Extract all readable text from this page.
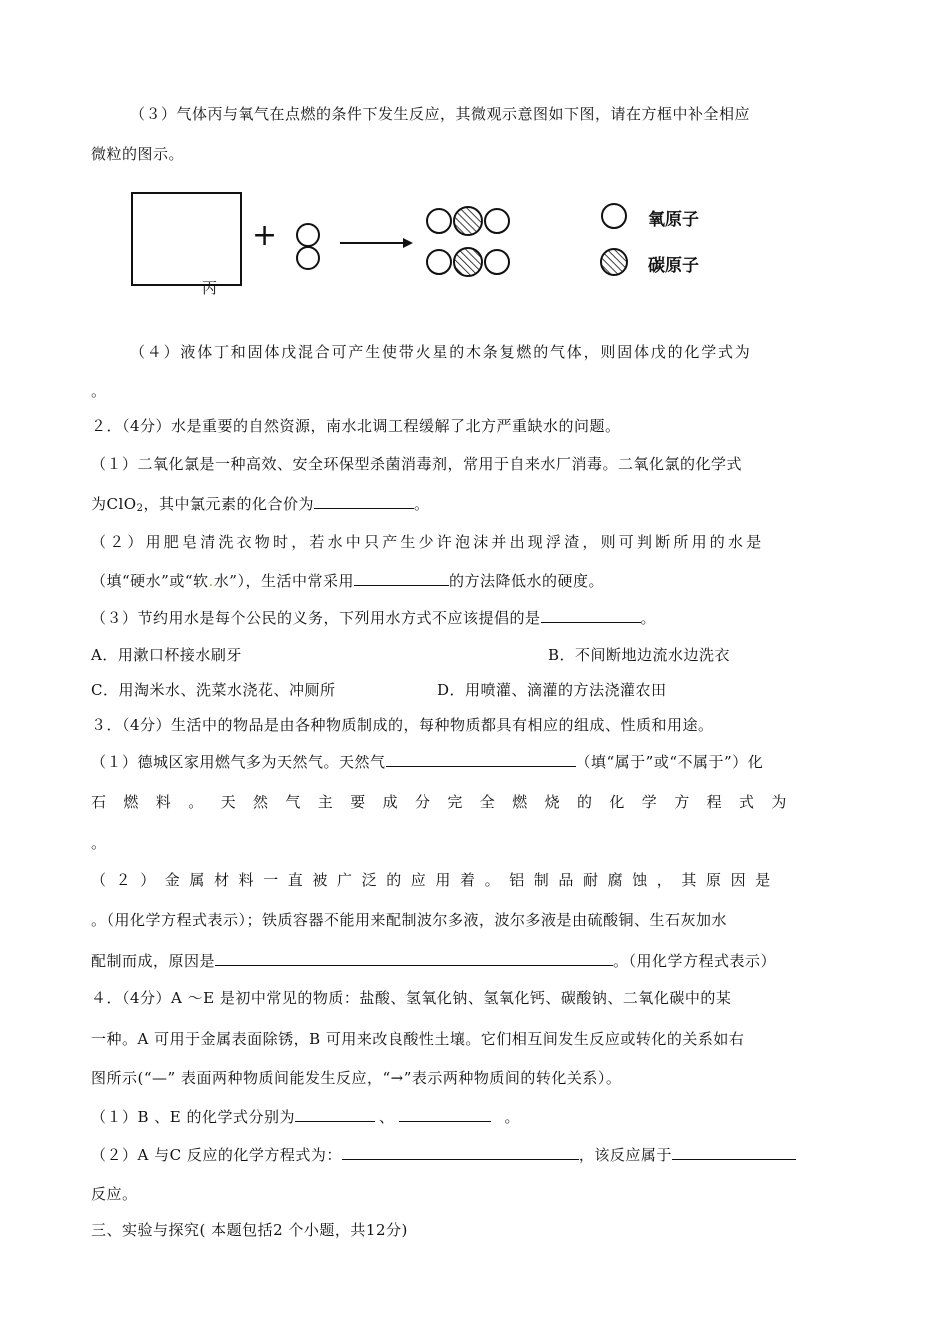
（３）气体丙与氧气在点燃的条件下发生反应，其微观示意图如下图，请在方框中补全相应
微粒的图示。
+
丙
氧原子
碳原子
（４）液体丁和固体戊混合可产生使带火星的木条复燃的气体，则固体戊的化学式为
。
２．（4分）水是重要的自然资源，南水北调工程缓解了北方严重缺水的问题。
（１）二氧化氯是一种高效、安全环保型杀菌消毒剂，常用于自来水厂消毒。二氧化氯的化学式
为ClO$_2$，其中氯元素的化合价为	。
（２）用肥皂清洗衣物时，若水中只产生少许泡沫并出现浮渣，则可判断所用的水是
（填“硬水”或“软.水”），生活中常采用	的方法降低水的硬度。
（３）节约用水是每个公民的义务，下列用水方式不应该提倡的是	。
A．用漱口杯接水刷牙	B．不间断地边流水边洗衣
C．用淘米水、洗菜水浇花、冲厕所	D．用喷灌、滴灌的方法浇灌农田
３．（4分）生活中的物品是由各种物质制成的，每种物质都具有相应的组成、性质和用途。
（１）德城区家用燃气多为天然气。天然气	（填“属于”或“不属于”）化
石燃料。天然气主要成分完全燃烧的化学方程式为
。
（２）金属材料一直被广泛的应用着。铝制品耐腐蚀，其原因是
。（用化学方程式表示）；铁质容器不能用来配制波尔多液，波尔多液是由硫酸铜、生石灰加水
配制而成，原因是	。（用化学方程式表示）
４．（4分）A ～E 是初中常见的物质：盐酸、氢氧化钠、氢氧化钙、碳酸钠、二氧化碳中的某
一种。A 可用于金属表面除锈，B 可用来改良酸性土壤。它们相互间发生反应或转化的关系如右
图所示(“—” 表面两种物质间能发生反应，“→”表示两种物质间的转化关系）。
（１）B 、E 的化学式分别为	、	。
（２）A 与C 反应的化学方程式为：	，该反应属于
反应。
三、实验与探究( 本题包括2 个小题，共12分)
